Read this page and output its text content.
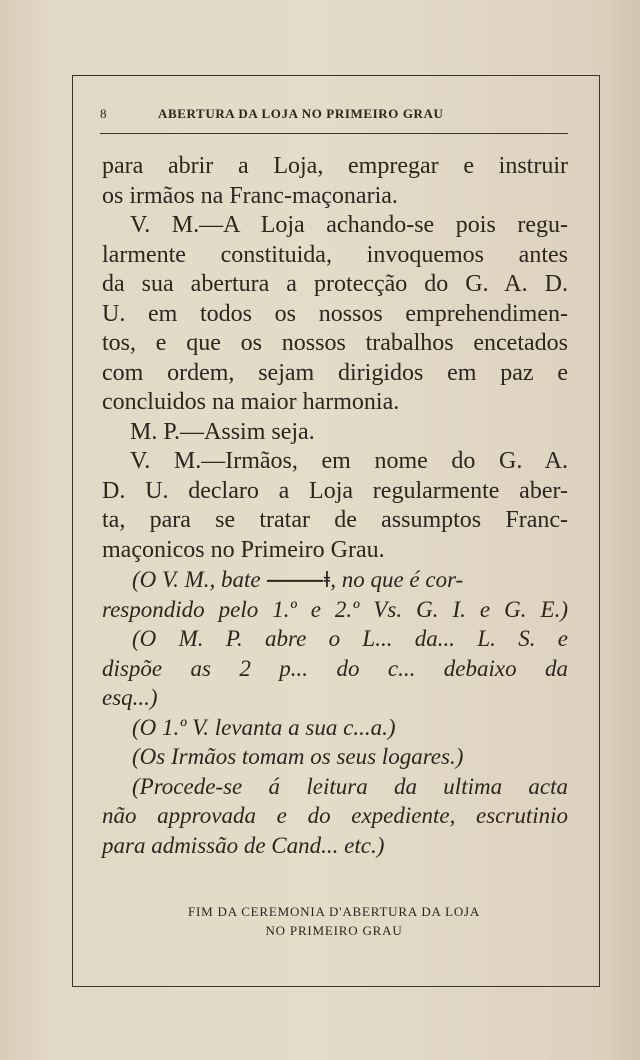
8	ABERTURA DA LOJA NO PRIMEIRO GRAU
para abrir a Loja, empregar e instruir
os irmãos na Franc-maçonaria.
V. M.—A Loja achando-se pois regu-
larmente constituida, invoquemos antes
da sua abertura a protecção do G. A. D.
U. em todos os nossos emprehendimen-
tos, e que os nossos trabalhos encetados
com ordem, sejam dirigidos em paz e
concluidos na maior harmonia.
M. P.—Assim seja.
V. M.—Irmãos, em nome do G. A.
D. U. declaro a Loja regularmente aber-
ta, para se tratar de assumptos Franc-
maçonicos no Primeiro Grau.
(O V. M., bate ⸻ǂ, no que é cor-
respondido pelo 1.º e 2.º Vs. G. I. e G. E.)
(O M. P. abre o L... da... L. S. e
dispõe as 2 p... do c... debaixo da
esq...)
(O 1.º V. levanta a sua c...a.)
(Os Irmãos tomam os seus logares.)
(Procede-se á leitura da ultima acta
não approvada e do expediente, escrutinio
para admissão de Cand... etc.)
FIM DA CEREMONIA D'ABERTURA DA LOJA
NO PRIMEIRO GRAU
